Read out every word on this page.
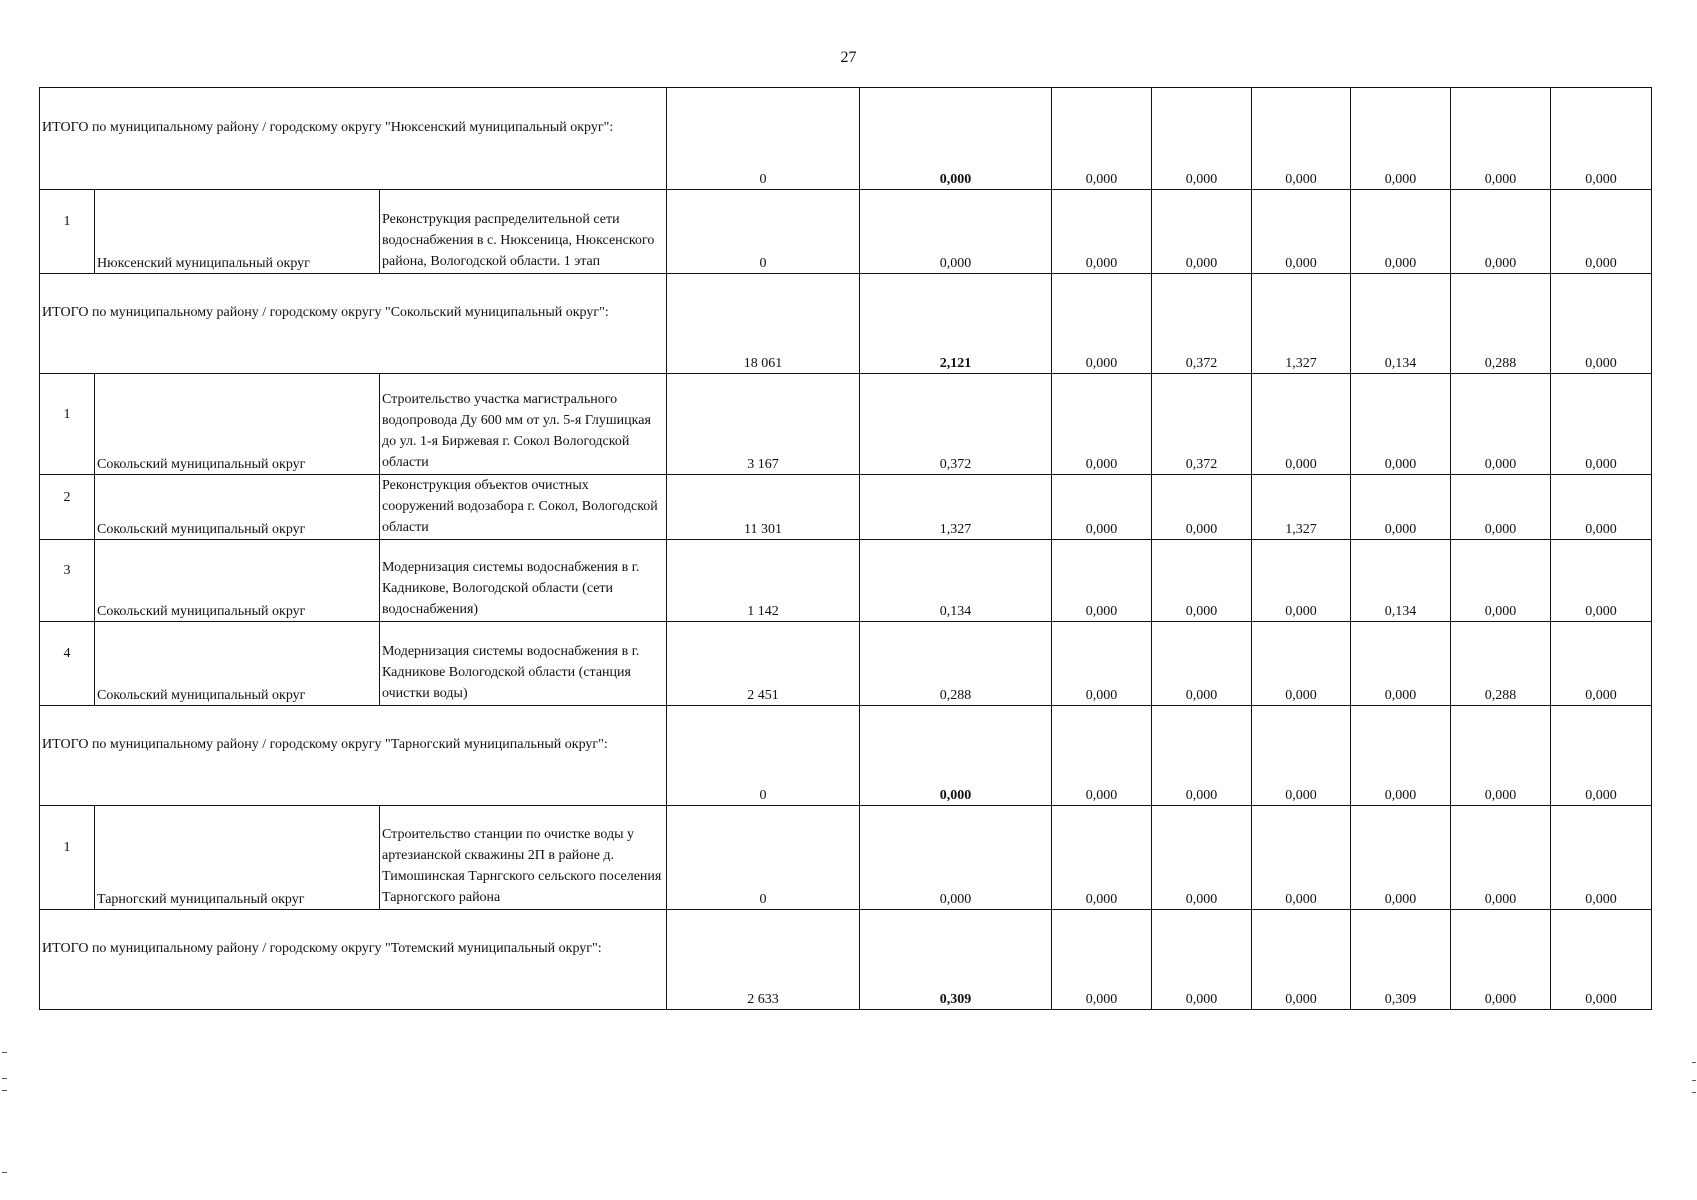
27
ИТОГО по муниципальному району / городскому округу "Нюксенский муниципальный округ":			0	0,000	0,000	0,000	0,000	0,000	0,000	0,000
1	Нюксенский муниципальный округ	Реконструкция распределительной сети водоснабжения в с. Нюксеница, Нюксенского района, Вологодской области. 1 этап	0	0,000	0,000	0,000	0,000	0,000	0,000	0,000

ИТОГО по муниципальному району / городскому округу "Сокольский муниципальный округ":			18 061	2,121	0,000	0,372	1,327	0,134	0,288	0,000
1	Сокольский муниципальный округ	Строительство участка магистрального водопровода Ду 600 мм от ул. 5-я Глушицкая до ул. 1-я Биржевая г. Сокол Вологодской области	3 167	0,372	0,000	0,372	0,000	0,000	0,000	0,000
2	Сокольский муниципальный округ	Реконструкция объектов очистных сооружений водозабора г. Сокол, Вологодской области	11 301	1,327	0,000	0,000	1,327	0,000	0,000	0,000
3	Сокольский муниципальный округ	Модернизация системы водоснабжения в г. Кадникове, Вологодской области (сети водоснабжения)	1 142	0,134	0,000	0,000	0,000	0,134	0,000	0,000
4	Сокольский муниципальный округ	Модернизация системы водоснабжения в г. Кадникове Вологодской области (станция очистки воды)	2 451	0,288	0,000	0,000	0,000	0,000	0,288	0,000

ИТОГО по муниципальному району / городскому округу "Тарногский муниципальный округ":			0	0,000	0,000	0,000	0,000	0,000	0,000	0,000
1	Тарногский муниципальный округ	Строительство станции по очистке воды у артезианской скважины 2П в районе д. Тимошинская Тарнгского сельского поселения Тарногского района	0	0,000	0,000	0,000	0,000	0,000	0,000	0,000

ИТОГО по муниципальному району / городскому округу "Тотемский муниципальный округ":			2 633	0,309	0,000	0,000	0,000	0,309	0,000	0,000
